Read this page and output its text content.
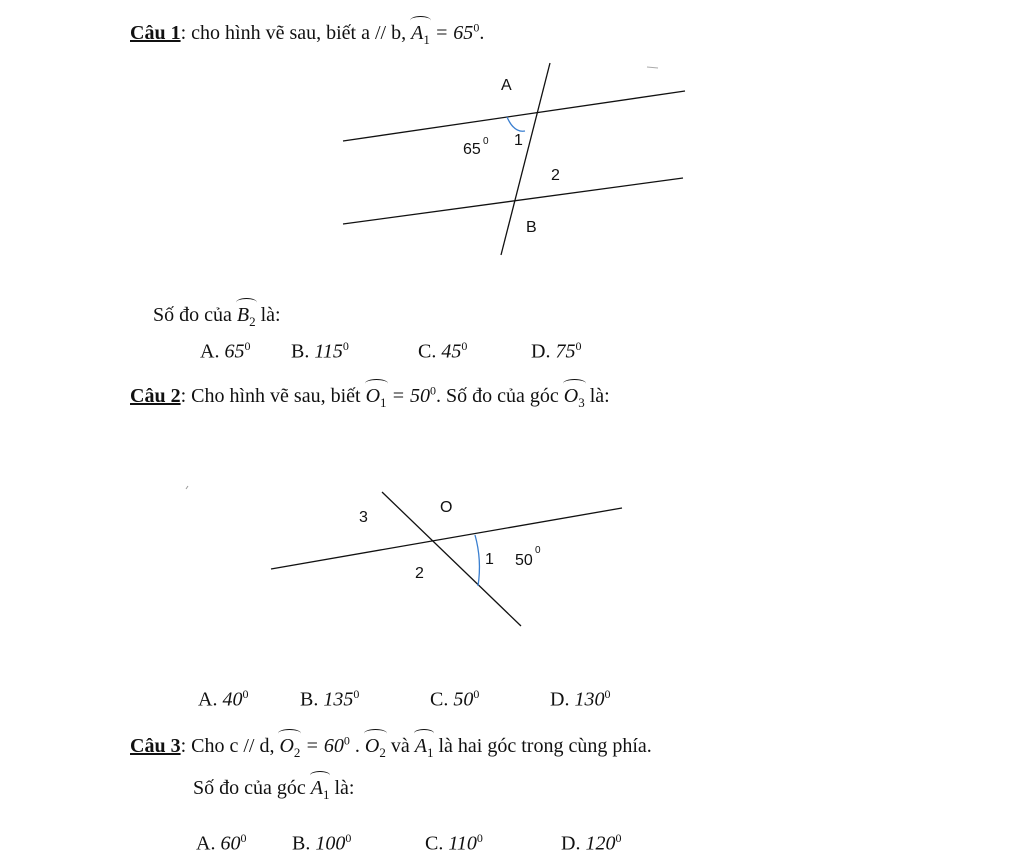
Câu 1: cho hình vẽ sau, biết a // b, $A_1 = 65^0$.
A
1
2
B
65 0
O
3
2
1 50
0
Số đo của $B_2$ là:
A. $65^0$ B. $115^0$	C. $45^0$	D. $75^0$
Câu 2: Cho hình vẽ sau, biết $O_1 = 50^0$. Số đo của góc $O_3$ là:
A. $40^0$	B. $135^0$	C. $50^0$	D. $130^0$
Câu 3: Cho c // d, $O_2 = 60^0$ . $O_2$ và $A_1$ là hai góc trong cùng phía.
Số đo của góc $A_1$ là:
A. $60^0$ B. $100^0$	C. $110^0$	D. $120^0$
